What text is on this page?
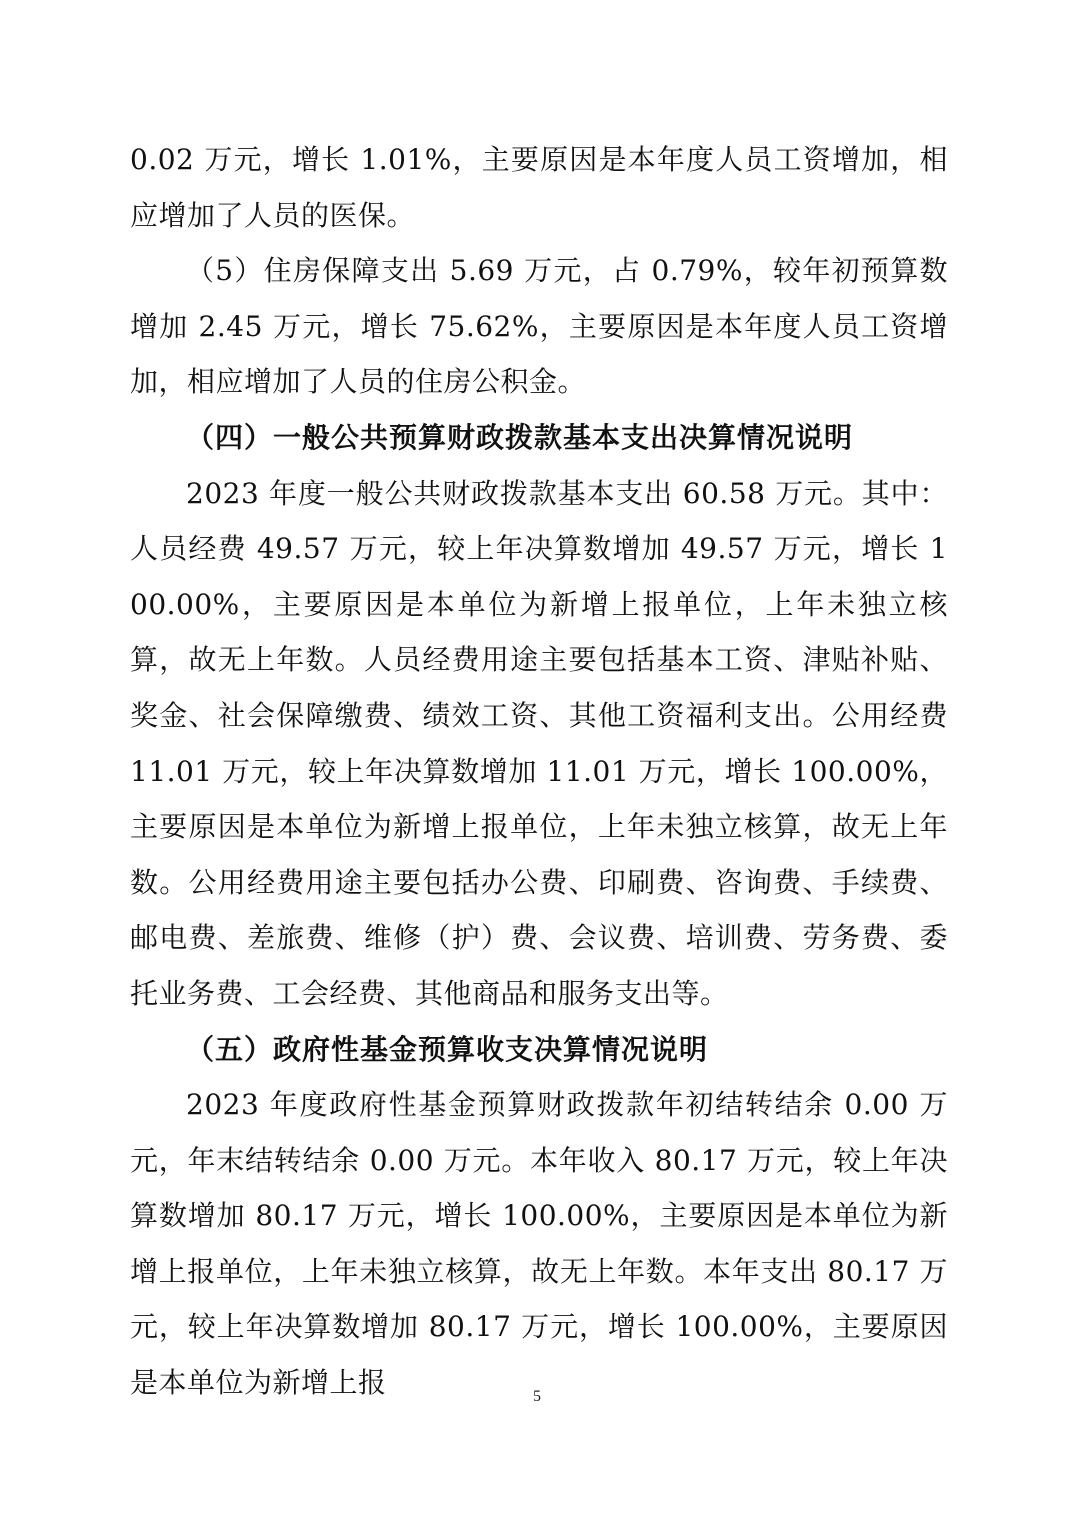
0.02 万元，增长 1.01%，主要原因是本年度人员工资增加，相应增加了人员的医保。

（5）住房保障支出 5.69 万元，占 0.79%，较年初预算数增加 2.45 万元，增长 75.62%，主要原因是本年度人员工资增加，相应增加了人员的住房公积金。

（四）一般公共预算财政拨款基本支出决算情况说明

2023 年度一般公共财政拨款基本支出 60.58 万元。其中：人员经费 49.57 万元，较上年决算数增加 49.57 万元，增长 100.00%，主要原因是本单位为新增上报单位，上年未独立核算，故无上年数。人员经费用途主要包括基本工资、津贴补贴、奖金、社会保障缴费、绩效工资、其他工资福利支出。公用经费 11.01 万元，较上年决算数增加 11.01 万元，增长 100.00%，主要原因是本单位为新增上报单位，上年未独立核算，故无上年数。公用经费用途主要包括办公费、印刷费、咨询费、手续费、邮电费、差旅费、维修（护）费、会议费、培训费、劳务费、委托业务费、工会经费、其他商品和服务支出等。

（五）政府性基金预算收支决算情况说明

2023 年度政府性基金预算财政拨款年初结转结余 0.00 万元，年末结转结余 0.00 万元。本年收入 80.17 万元，较上年决算数增加 80.17 万元，增长 100.00%，主要原因是本单位为新增上报单位，上年未独立核算，故无上年数。本年支出 80.17 万元，较上年决算数增加 80.17 万元，增长 100.00%，主要原因是本单位为新增上报	5
